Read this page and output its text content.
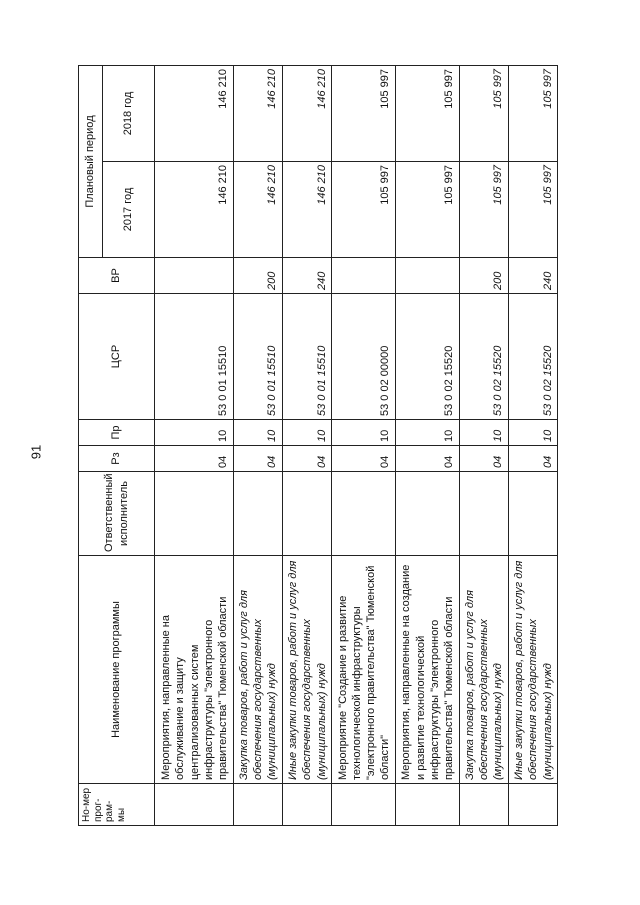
91
Но-мер прог-рам-мы	Наименование программы	Ответственный исполнитель	Рз	Пр	ЦСР	ВР	Плановый период	
							2017 год	2018 год
	Мероприятия, направленные на обслуживание и защиту централизованных систем инфраструктуры "электронного правительства" Тюменской области		04	10	53 0 01 15510		146 210	146 210
	Закупка товаров, работ и услуг для обеспечения государственных (муниципальных) нужд		04	10	53 0 01 15510	200	146 210	146 210
	Иные закупки товаров, работ и услуг для обеспечения государственных (муниципальных) нужд		04	10	53 0 01 15510	240	146 210	146 210
	Мероприятие "Создание и развитие технологической инфраструктуры "электронного правительства" Тюменской области"		04	10	53 0 02 00000		105 997	105 997
	Мероприятия, направленные на создание и развитие технологической инфраструктуры "электронного правительства" Тюменской области		04	10	53 0 02 15520		105 997	105 997
	Закупка товаров, работ и услуг для обеспечения государственных (муниципальных) нужд		04	10	53 0 02 15520	200	105 997	105 997
	Иные закупки товаров, работ и услуг для обеспечения государственных (муниципальных) нужд		04	10	53 0 02 15520	240	105 997	105 997
